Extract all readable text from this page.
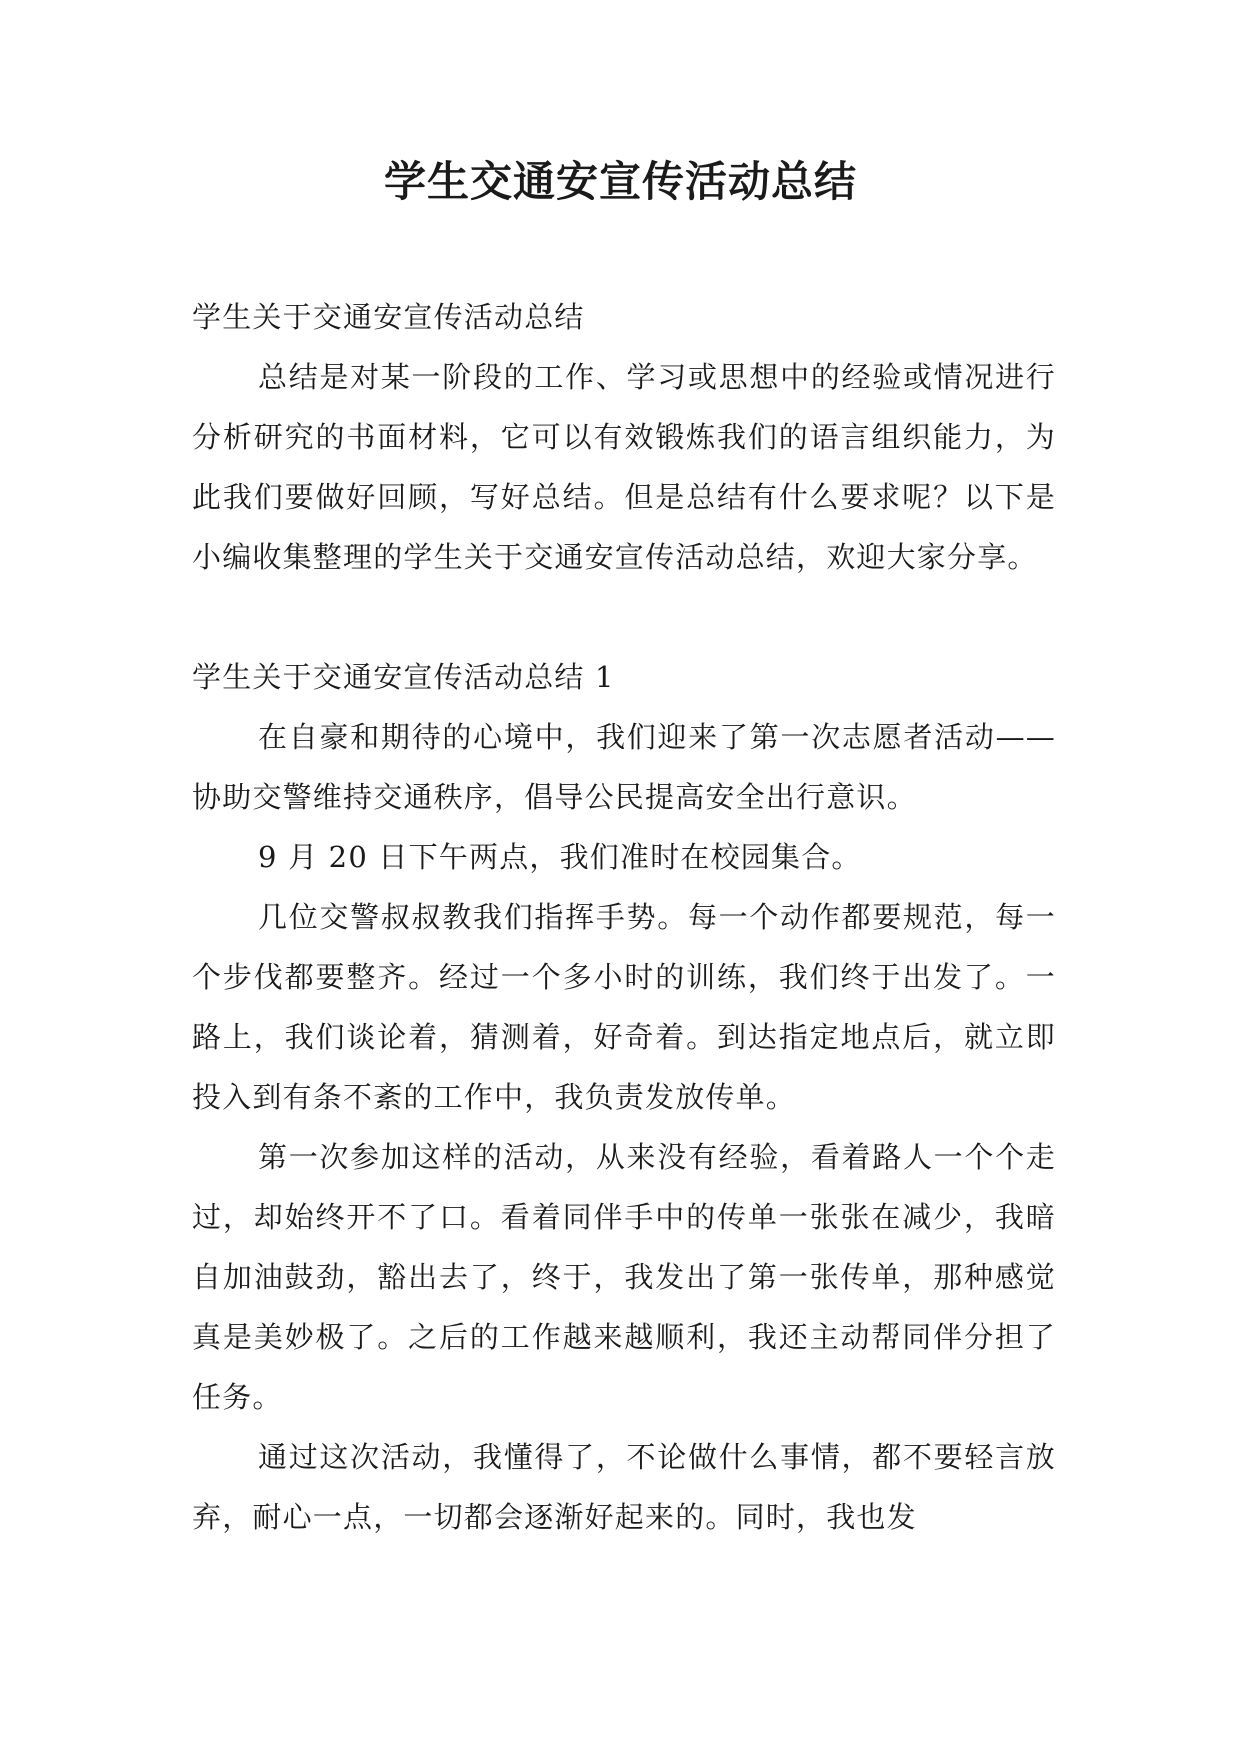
学生交通安宣传活动总结

学生关于交通安宣传活动总结

总结是对某一阶段的工作、学习或思想中的经验或情况进行分析研究的书面材料，它可以有效锻炼我们的语言组织能力，为此我们要做好回顾，写好总结。但是总结有什么要求呢？以下是小编收集整理的学生关于交通安宣传活动总结，欢迎大家分享。

学生关于交通安宣传活动总结 1

在自豪和期待的心境中，我们迎来了第一次志愿者活动——协助交警维持交通秩序，倡导公民提高安全出行意识。

9 月 20 日下午两点，我们准时在校园集合。

几位交警叔叔教我们指挥手势。每一个动作都要规范，每一个步伐都要整齐。经过一个多小时的训练，我们终于出发了。一路上，我们谈论着，猜测着，好奇着。到达指定地点后，就立即投入到有条不紊的工作中，我负责发放传单。

第一次参加这样的活动，从来没有经验，看着路人一个个走过，却始终开不了口。看着同伴手中的传单一张张在减少，我暗自加油鼓劲，豁出去了，终于，我发出了第一张传单，那种感觉真是美妙极了。之后的工作越来越顺利，我还主动帮同伴分担了任务。

通过这次活动，我懂得了，不论做什么事情，都不要轻言放弃，耐心一点，一切都会逐渐好起来的。同时，我也发
